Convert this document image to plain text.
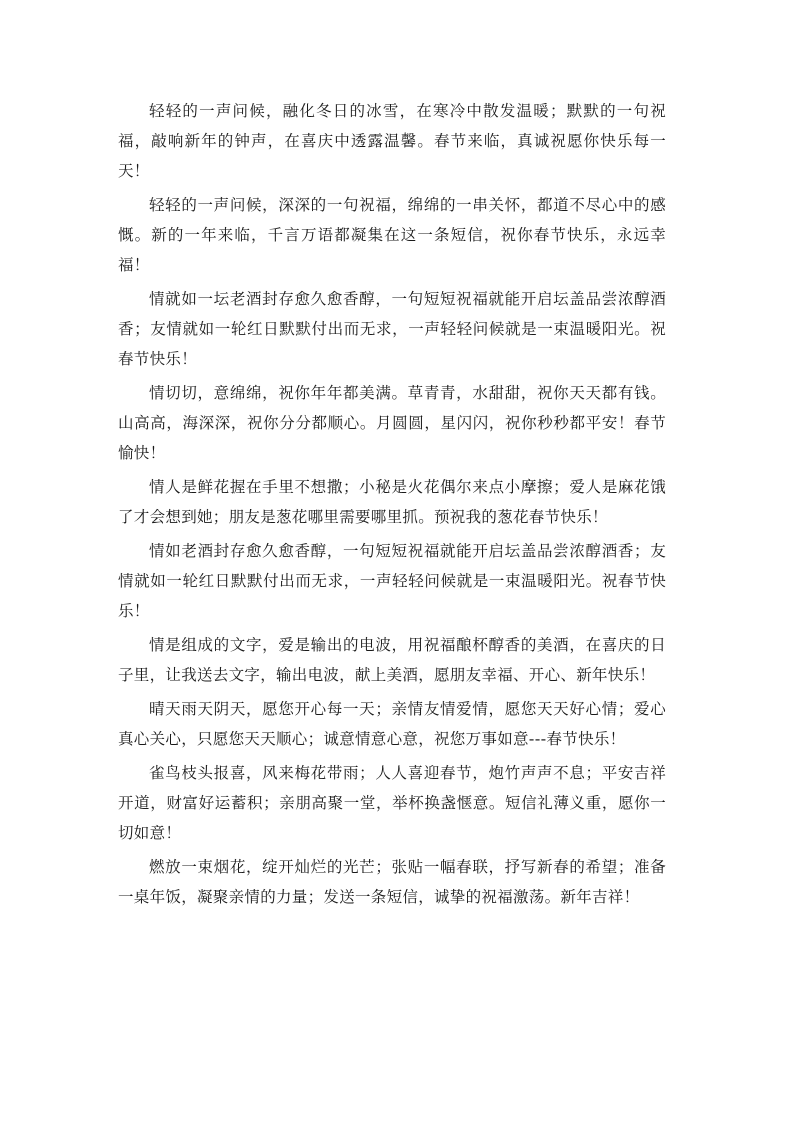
轻轻的一声问候，融化冬日的冰雪，在寒冷中散发温暖；默默的一句祝福，敲响新年的钟声，在喜庆中透露温馨。春节来临，真诚祝愿你快乐每一天！

轻轻的一声问候，深深的一句祝福，绵绵的一串关怀，都道不尽心中的感慨。新的一年来临，千言万语都凝集在这一条短信，祝你春节快乐，永远幸福！

情就如一坛老酒封存愈久愈香醇，一句短短祝福就能开启坛盖品尝浓醇酒香；友情就如一轮红日默默付出而无求，一声轻轻问候就是一束温暖阳光。祝春节快乐！

情切切，意绵绵，祝你年年都美满。草青青，水甜甜，祝你天天都有钱。山高高，海深深，祝你分分都顺心。月圆圆，星闪闪，祝你秒秒都平安！春节愉快！

情人是鲜花握在手里不想撒；小秘是火花偶尔来点小摩擦；爱人是麻花饿了才会想到她；朋友是葱花哪里需要哪里抓。预祝我的葱花春节快乐！

情如老酒封存愈久愈香醇，一句短短祝福就能开启坛盖品尝浓醇酒香；友情就如一轮红日默默付出而无求，一声轻轻问候就是一束温暖阳光。祝春节快乐！

情是组成的文字，爱是输出的电波，用祝福酿杯醇香的美酒，在喜庆的日子里，让我送去文字，输出电波，献上美酒，愿朋友幸福、开心、新年快乐！

晴天雨天阴天，愿您开心每一天；亲情友情爱情，愿您天天好心情；爱心真心关心，只愿您天天顺心；诚意情意心意，祝您万事如意---春节快乐！

雀鸟枝头报喜，风来梅花带雨；人人喜迎春节，炮竹声声不息；平安吉祥开道，财富好运蓄积；亲朋高聚一堂，举杯换盏惬意。短信礼薄义重，愿你一切如意！

燃放一束烟花，绽开灿烂的光芒；张贴一幅春联，抒写新春的希望；准备一桌年饭，凝聚亲情的力量；发送一条短信，诚挚的祝福激荡。新年吉祥！
